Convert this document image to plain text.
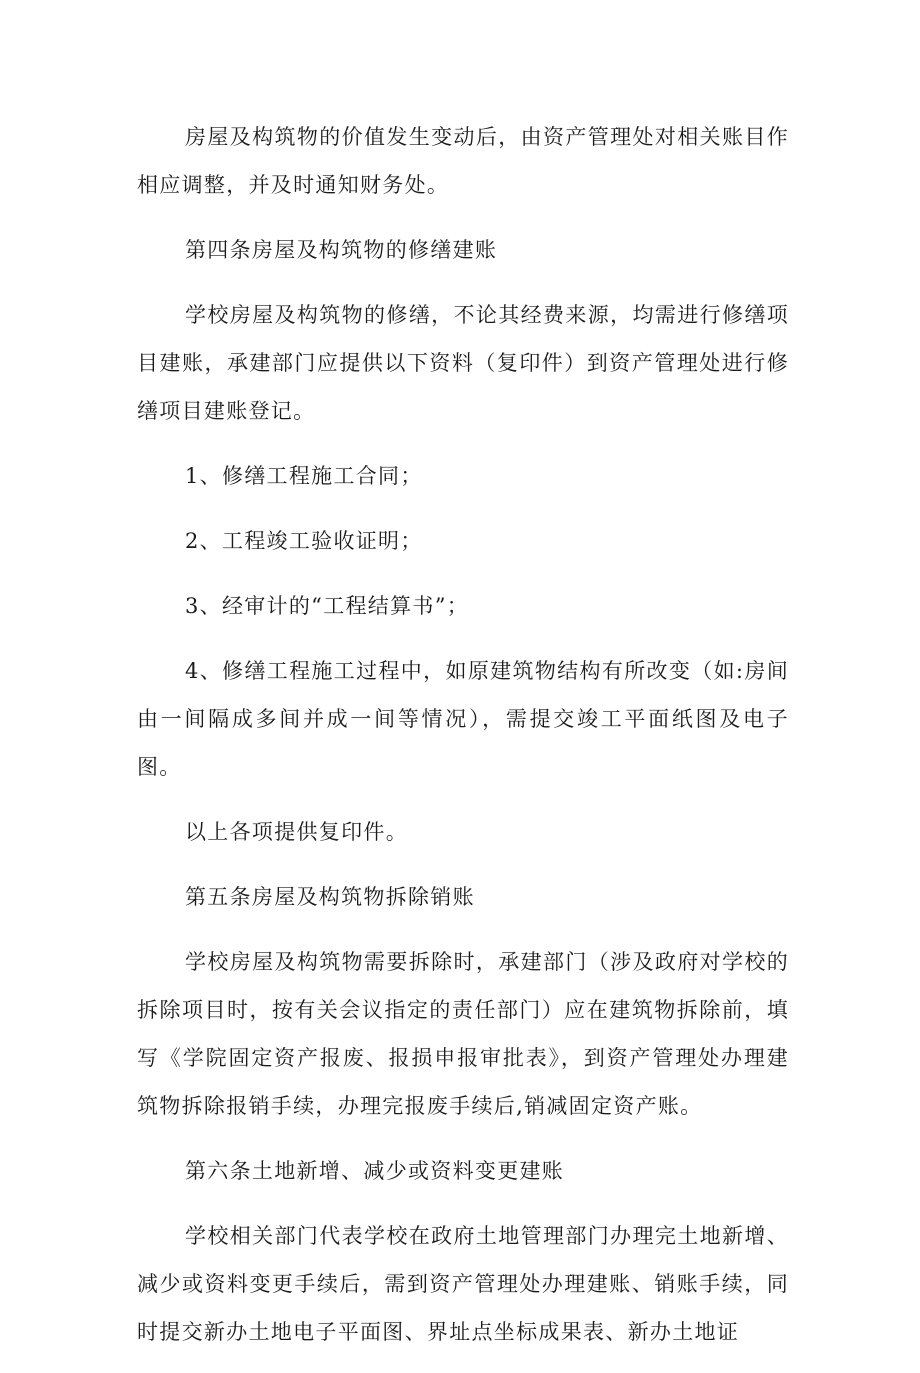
房屋及构筑物的价值发生变动后，由资产管理处对相关账目作相应调整，并及时通知财务处。

第四条房屋及构筑物的修缮建账

学校房屋及构筑物的修缮，不论其经费来源，均需进行修缮项目建账，承建部门应提供以下资料（复印件）到资产管理处进行修缮项目建账登记。

1、修缮工程施工合同；

2、工程竣工验收证明；

3、经审计的“工程结算书”；

4、修缮工程施工过程中，如原建筑物结构有所改变（如:房间由一间隔成多间并成一间等情况），需提交竣工平面纸图及电子图。

以上各项提供复印件。

第五条房屋及构筑物拆除销账

学校房屋及构筑物需要拆除时，承建部门（涉及政府对学校的拆除项目时，按有关会议指定的责任部门）应在建筑物拆除前，填写《学院固定资产报废、报损申报审批表》，到资产管理处办理建筑物拆除报销手续，办理完报废手续后,销减固定资产账。

第六条土地新增、减少或资料变更建账

学校相关部门代表学校在政府土地管理部门办理完土地新增、减少或资料变更手续后，需到资产管理处办理建账、销账手续，同时提交新办土地电子平面图、界址点坐标成果表、新办土地证
